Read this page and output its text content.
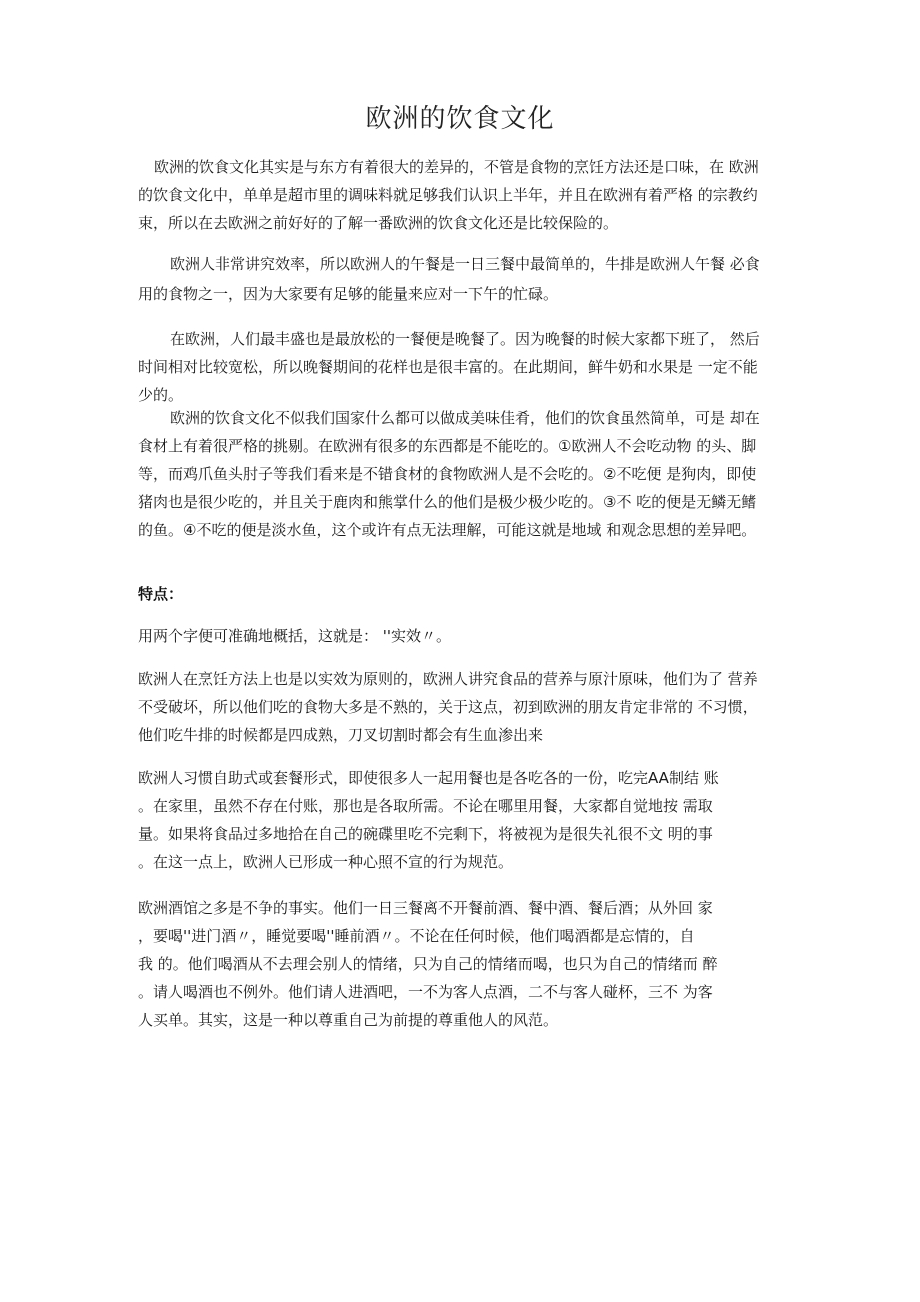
欧洲的饮食文化
欧洲的饮食文化其实是与东方有着很大的差异的，不管是食物的烹饪方法还是口味，在 欧洲
的饮食文化中，单单是超市里的调味料就足够我们认识上半年，并且在欧洲有着严格 的宗教约
束，所以在去欧洲之前好好的了解一番欧洲的饮食文化还是比较保险的。
欧洲人非常讲究效率，所以欧洲人的午餐是一日三餐中最简单的，牛排是欧洲人午餐 必食
用的食物之一，因为大家要有足够的能量来应对一下午的忙碌。
在欧洲，人们最丰盛也是最放松的一餐便是晚餐了。因为晚餐的时候大家都下班了， 然后
时间相对比较宽松，所以晚餐期间的花样也是很丰富的。在此期间，鲜牛奶和水果是 一定不能
少的。
欧洲的饮食文化不似我们国家什么都可以做成美味佳肴，他们的饮食虽然简单，可是 却在
食材上有着很严格的挑剔。在欧洲有很多的东西都是不能吃的。①欧洲人不会吃动物 的头、脚
等，而鸡爪鱼头肘子等我们看来是不错食材的食物欧洲人是不会吃的。②不吃便 是狗肉，即使
猪肉也是很少吃的，并且关于鹿肉和熊掌什么的他们是极少极少吃的。③不 吃的便是无鳞无鳍
的鱼。④不吃的便是淡水鱼，这个或许有点无法理解，可能这就是地域 和观念思想的差异吧。
特点：
用两个字便可准确地概括，这就是： ''实效〃。
欧洲人在烹饪方法上也是以实效为原则的，欧洲人讲究食品的营养与原汁原味，他们为了 营养
不受破坏，所以他们吃的食物大多是不熟的，关于这点，初到欧洲的朋友肯定非常的 不习惯，
他们吃牛排的时候都是四成熟，刀叉切割时都会有生血渗出来
欧洲人习惯自助式或套餐形式，即使很多人一起用餐也是各吃各的一份，吃完AA制结 账
。在家里，虽然不存在付账，那也是各取所需。不论在哪里用餐，大家都自觉地按 需取
量。如果将食品过多地拾在自己的碗碟里吃不完剩下，将被视为是很失礼很不文 明的事
。在这一点上，欧洲人已形成一种心照不宣的行为规范。
欧洲酒馆之多是不争的事实。他们一日三餐离不开餐前酒、餐中酒、餐后酒；从外回 家
，要喝''进门酒〃，睡觉要喝''睡前酒〃。不论在任何时候，他们喝酒都是忘情的，自
我 的。他们喝酒从不去理会别人的情绪，只为自己的情绪而喝，也只为自己的情绪而 醉
。请人喝酒也不例外。他们请人进酒吧，一不为客人点酒，二不与客人碰杯，三不 为客
人买单。其实，这是一种以尊重自己为前提的尊重他人的风范。
